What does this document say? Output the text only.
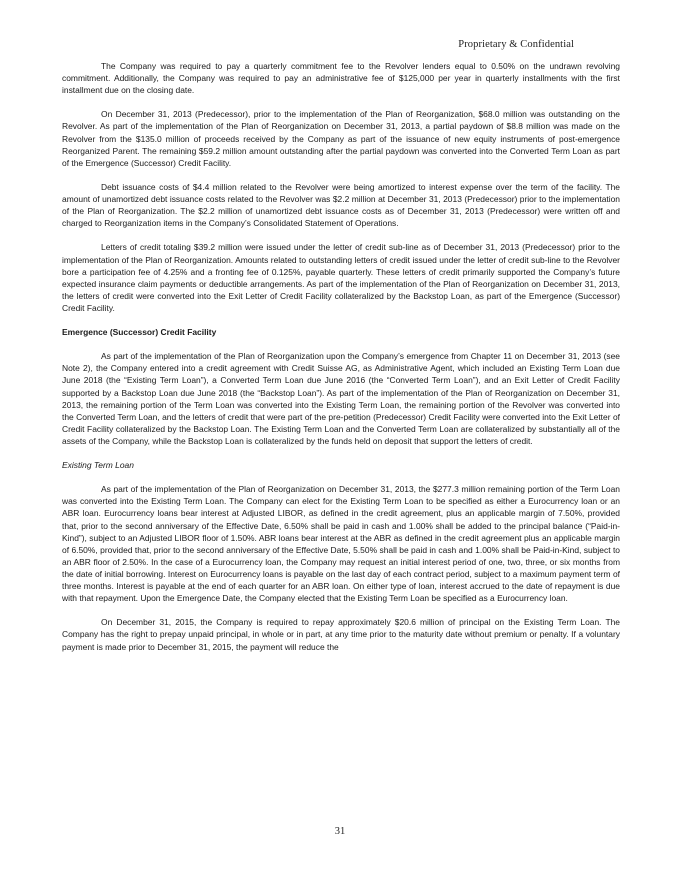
Proprietary & Confidential

The Company was required to pay a quarterly commitment fee to the Revolver lenders equal to 0.50% on the undrawn revolving commitment. Additionally, the Company was required to pay an administrative fee of $125,000 per year in quarterly installments with the first installment due on the closing date.

On December 31, 2013 (Predecessor), prior to the implementation of the Plan of Reorganization, $68.0 million was outstanding on the Revolver. As part of the implementation of the Plan of Reorganization on December 31, 2013, a partial paydown of $8.8 million was made on the Revolver from the $135.0 million of proceeds received by the Company as part of the issuance of new equity instruments of post-emergence Reorganized Parent. The remaining $59.2 million amount outstanding after the partial paydown was converted into the Converted Term Loan as part of the Emergence (Successor) Credit Facility.

Debt issuance costs of $4.4 million related to the Revolver were being amortized to interest expense over the term of the facility. The amount of unamortized debt issuance costs related to the Revolver was $2.2 million at December 31, 2013 (Predecessor) prior to the implementation of the Plan of Reorganization. The $2.2 million of unamortized debt issuance costs as of December 31, 2013 (Predecessor) were written off and charged to Reorganization items in the Company’s Consolidated Statement of Operations.

Letters of credit totaling $39.2 million were issued under the letter of credit sub-line as of December 31, 2013 (Predecessor) prior to the implementation of the Plan of Reorganization. Amounts related to outstanding letters of credit issued under the letter of credit sub-line to the Revolver bore a participation fee of 4.25% and a fronting fee of 0.125%, payable quarterly. These letters of credit primarily supported the Company’s future expected insurance claim payments or deductible arrangements. As part of the implementation of the Plan of Reorganization on December 31, 2013, the letters of credit were converted into the Exit Letter of Credit Facility collateralized by the Backstop Loan, as part of the Emergence (Successor) Credit Facility.

Emergence (Successor) Credit Facility

As part of the implementation of the Plan of Reorganization upon the Company’s emergence from Chapter 11 on December 31, 2013 (see Note 2), the Company entered into a credit agreement with Credit Suisse AG, as Administrative Agent, which included an Existing Term Loan due June 2018 (the “Existing Term Loan”), a Converted Term Loan due June 2016 (the “Converted Term Loan”), and an Exit Letter of Credit Facility supported by a Backstop Loan due June 2018 (the “Backstop Loan”). As part of the implementation of the Plan of Reorganization on December 31, 2013, the remaining portion of the Term Loan was converted into the Existing Term Loan, the remaining portion of the Revolver was converted into the Converted Term Loan, and the letters of credit that were part of the pre-petition (Predecessor) Credit Facility were converted into the Exit Letter of Credit Facility collateralized by the Backstop Loan. The Existing Term Loan and the Converted Term Loan are collateralized by substantially all of the assets of the Company, while the Backstop Loan is collateralized by the funds held on deposit that support the letters of credit.

Existing Term Loan

As part of the implementation of the Plan of Reorganization on December 31, 2013, the $277.3 million remaining portion of the Term Loan was converted into the Existing Term Loan. The Company can elect for the Existing Term Loan to be specified as either a Eurocurrency loan or an ABR loan. Eurocurrency loans bear interest at Adjusted LIBOR, as defined in the credit agreement, plus an applicable margin of 7.50%, provided that, prior to the second anniversary of the Effective Date, 6.50% shall be paid in cash and 1.00% shall be added to the principal balance (“Paid-in-Kind”), subject to an Adjusted LIBOR floor of 1.50%. ABR loans bear interest at the ABR as defined in the credit agreement plus an applicable margin of 6.50%, provided that, prior to the second anniversary of the Effective Date, 5.50% shall be paid in cash and 1.00% shall be Paid-in-Kind, subject to an ABR floor of 2.50%. In the case of a Eurocurrency loan, the Company may request an initial interest period of one, two, three, or six months from the date of initial borrowing. Interest on Eurocurrency loans is payable on the last day of each contract period, subject to a maximum payment term of three months. Interest is payable at the end of each quarter for an ABR loan. On either type of loan, interest accrued to the date of repayment is due with that repayment. Upon the Emergence Date, the Company elected that the Existing Term Loan be specified as a Eurocurrency loan.

On December 31, 2015, the Company is required to repay approximately $20.6 million of principal on the Existing Term Loan. The Company has the right to prepay unpaid principal, in whole or in part, at any time prior to the maturity date without premium or penalty. If a voluntary payment is made prior to December 31, 2015, the payment will reduce the

31
